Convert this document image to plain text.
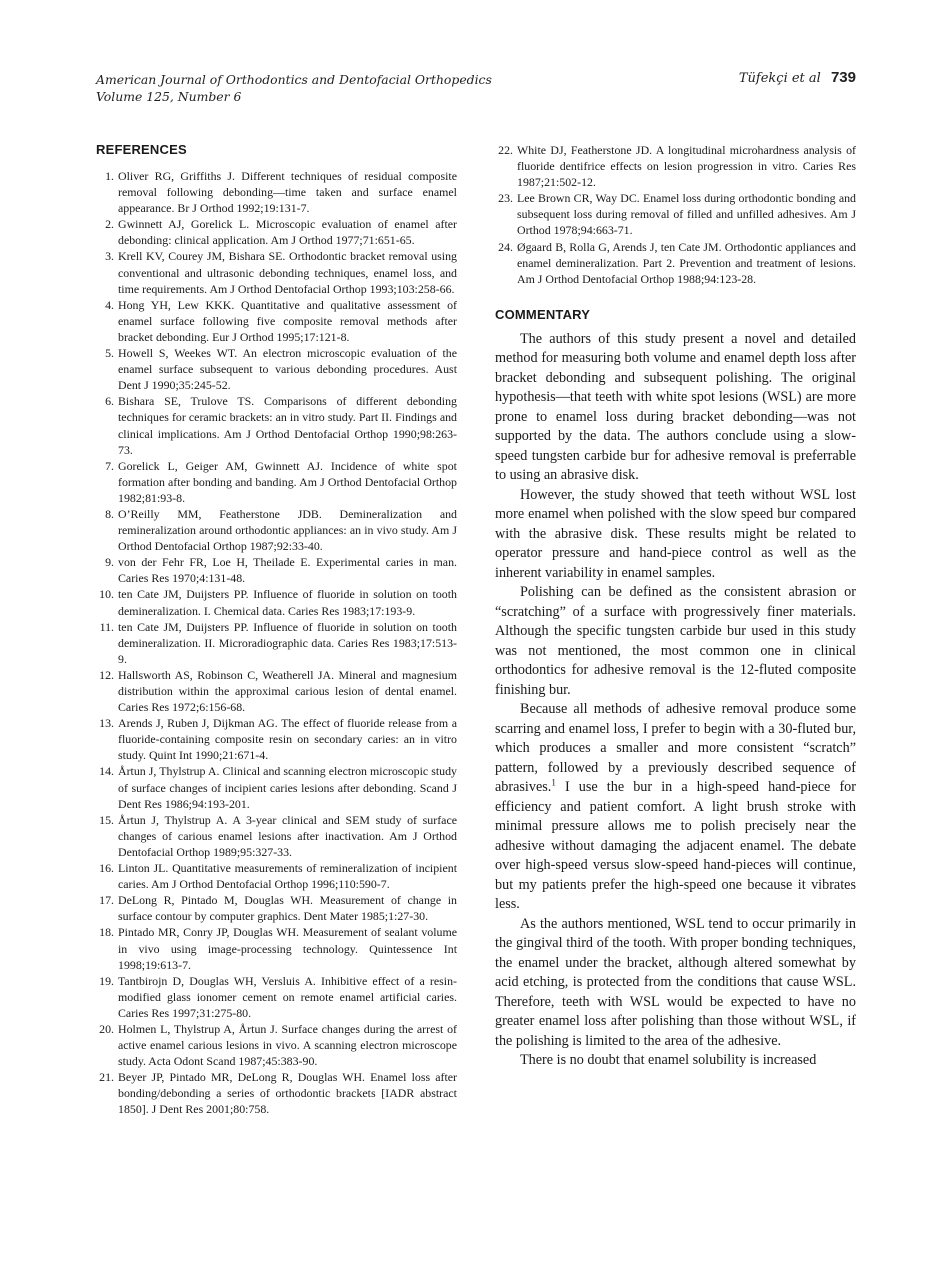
American Journal of Orthodontics and Dentofacial Orthopedics
Volume 125, Number 6
Tüfekçi et al 739
REFERENCES
1. Oliver RG, Griffiths J. Different techniques of residual composite removal following debonding—time taken and surface enamel appearance. Br J Orthod 1992;19:131-7.
2. Gwinnett AJ, Gorelick L. Microscopic evaluation of enamel after debonding: clinical application. Am J Orthod 1977;71:651-65.
3. Krell KV, Courey JM, Bishara SE. Orthodontic bracket removal using conventional and ultrasonic debonding techniques, enamel loss, and time requirements. Am J Orthod Dentofacial Orthop 1993;103:258-66.
4. Hong YH, Lew KKK. Quantitative and qualitative assessment of enamel surface following five composite removal methods after bracket debonding. Eur J Orthod 1995;17:121-8.
5. Howell S, Weekes WT. An electron microscopic evaluation of the enamel surface subsequent to various debonding procedures. Aust Dent J 1990;35:245-52.
6. Bishara SE, Trulove TS. Comparisons of different debonding techniques for ceramic brackets: an in vitro study. Part II. Findings and clinical implications. Am J Orthod Dentofacial Orthop 1990;98:263-73.
7. Gorelick L, Geiger AM, Gwinnett AJ. Incidence of white spot formation after bonding and banding. Am J Orthod Dentofacial Orthop 1982;81:93-8.
8. O’Reilly MM, Featherstone JDB. Demineralization and remineralization around orthodontic appliances: an in vivo study. Am J Orthod Dentofacial Orthop 1987;92:33-40.
9. von der Fehr FR, Loe H, Theilade E. Experimental caries in man. Caries Res 1970;4:131-48.
10. ten Cate JM, Duijsters PP. Influence of fluoride in solution on tooth demineralization. I. Chemical data. Caries Res 1983;17:193-9.
11. ten Cate JM, Duijsters PP. Influence of fluoride in solution on tooth demineralization. II. Microradiographic data. Caries Res 1983;17:513-9.
12. Hallsworth AS, Robinson C, Weatherell JA. Mineral and magnesium distribution within the approximal carious lesion of dental enamel. Caries Res 1972;6:156-68.
13. Arends J, Ruben J, Dijkman AG. The effect of fluoride release from a fluoride-containing composite resin on secondary caries: an in vitro study. Quint Int 1990;21:671-4.
14. Årtun J, Thylstrup A. Clinical and scanning electron microscopic study of surface changes of incipient caries lesions after debonding. Scand J Dent Res 1986;94:193-201.
15. Årtun J, Thylstrup A. A 3-year clinical and SEM study of surface changes of carious enamel lesions after inactivation. Am J Orthod Dentofacial Orthop 1989;95:327-33.
16. Linton JL. Quantitative measurements of remineralization of incipient caries. Am J Orthod Dentofacial Orthop 1996;110:590-7.
17. DeLong R, Pintado M, Douglas WH. Measurement of change in surface contour by computer graphics. Dent Mater 1985;1:27-30.
18. Pintado MR, Conry JP, Douglas WH. Measurement of sealant volume in vivo using image-processing technology. Quintessence Int 1998;19:613-7.
19. Tantbirojn D, Douglas WH, Versluis A. Inhibitive effect of a resin-modified glass ionomer cement on remote enamel artificial caries. Caries Res 1997;31:275-80.
20. Holmen L, Thylstrup A, Årtun J. Surface changes during the arrest of active enamel carious lesions in vivo. A scanning electron microscope study. Acta Odont Scand 1987;45:383-90.
21. Beyer JP, Pintado MR, DeLong R, Douglas WH. Enamel loss after bonding/debonding a series of orthodontic brackets [IADR abstract 1850]. J Dent Res 2001;80:758.
22. White DJ, Featherstone JD. A longitudinal microhardness analysis of fluoride dentifrice effects on lesion progression in vitro. Caries Res 1987;21:502-12.
23. Lee Brown CR, Way DC. Enamel loss during orthodontic bonding and subsequent loss during removal of filled and unfilled adhesives. Am J Orthod 1978;94:663-71.
24. Øgaard B, Rolla G, Arends J, ten Cate JM. Orthodontic appliances and enamel demineralization. Part 2. Prevention and treatment of lesions. Am J Orthod Dentofacial Orthop 1988;94:123-28.
COMMENTARY

The authors of this study present a novel and detailed method for measuring both volume and enamel depth loss after bracket debonding and subsequent polishing. The original hypothesis—that teeth with white spot lesions (WSL) are more prone to enamel loss during bracket debonding—was not supported by the data. The authors conclude using a slow-speed tungsten carbide bur for adhesive removal is preferrable to using an abrasive disk.

However, the study showed that teeth without WSL lost more enamel when polished with the slow speed bur compared with the abrasive disk. These results might be related to operator pressure and hand-piece control as well as the inherent variability in enamel samples.

Polishing can be defined as the consistent abrasion or “scratching” of a surface with progressively finer materials. Although the specific tungsten carbide bur used in this study was not mentioned, the most common one in clinical orthodontics for adhesive removal is the 12-fluted composite finishing bur.

Because all methods of adhesive removal produce some scarring and enamel loss, I prefer to begin with a 30-fluted bur, which produces a smaller and more consistent “scratch” pattern, followed by a previously described sequence of abrasives.$^1$ I use the bur in a high-speed hand-piece for efficiency and patient comfort. A light brush stroke with minimal pressure allows me to polish precisely near the adhesive without damaging the adjacent enamel. The debate over high-speed versus slow-speed hand-pieces will continue, but my patients prefer the high-speed one because it vibrates less.

As the authors mentioned, WSL tend to occur primarily in the gingival third of the tooth. With proper bonding techniques, the enamel under the bracket, although altered somewhat by acid etching, is protected from the conditions that cause WSL. Therefore, teeth with WSL would be expected to have no greater enamel loss after polishing than those without WSL, if the polishing is limited to the area of the adhesive.

There is no doubt that enamel solubility is increased
